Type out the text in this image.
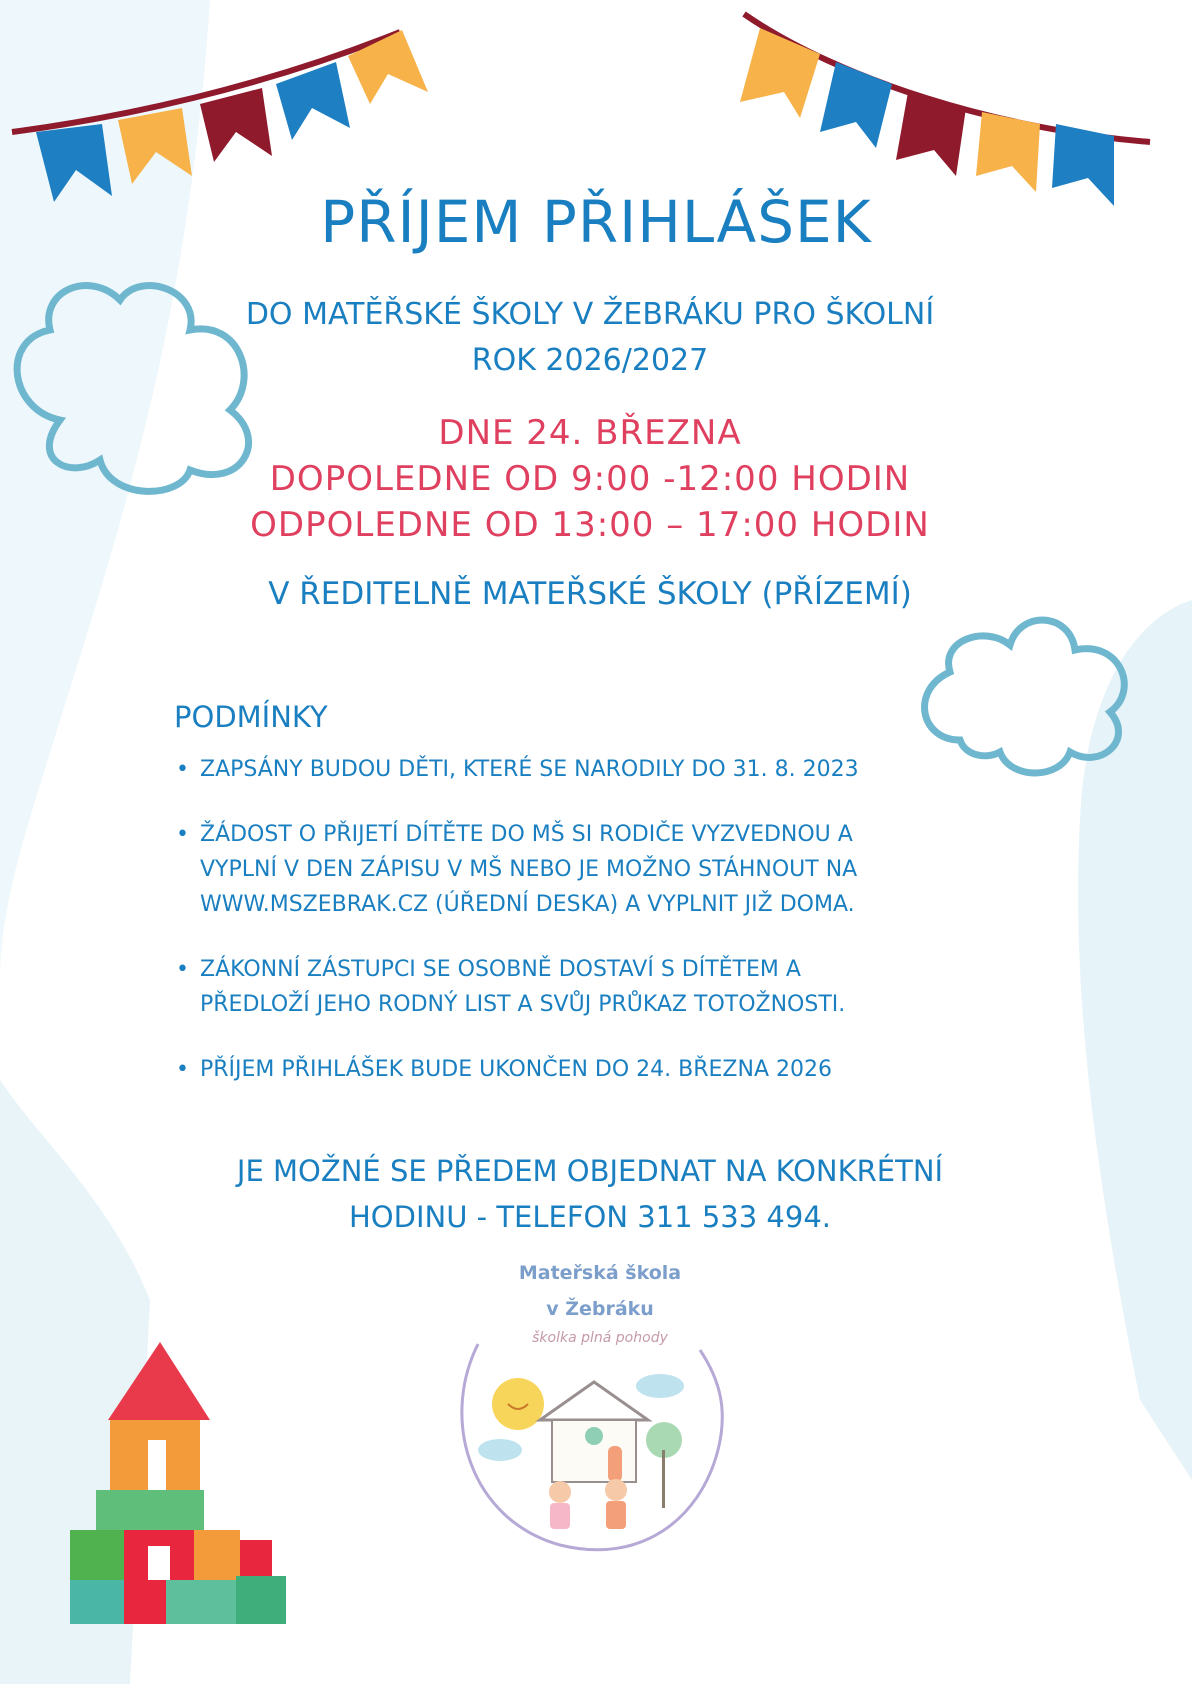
PŘÍJEM PŘIHLÁŠEK
DO MATĚŘSKÉ ŠKOLY V ŽEBRÁKU PRO ŠKOLNÍ
ROK 2026/2027
DNE 24. BŘEZNA
DOPOLEDNE OD 9:00 -12:00 HODIN
ODPOLEDNE OD 13:00 – 17:00 HODIN
V ŘEDITELNĚ MATEŘSKÉ ŠKOLY (PŘÍZEMÍ)
PODMÍNKY
• ZAPSÁNY BUDOU DĚTI, KTERÉ SE NARODILY DO 31. 8. 2023
• ŽÁDOST O PŘIJETÍ DÍTĚTE DO MŠ SI RODIČE VYZVEDNOU A
VYPLNÍ V DEN ZÁPISU V MŠ NEBO JE MOŽNO STÁHNOUT NA
WWW.MSZEBRAK.CZ (ÚŘEDNÍ DESKA) A VYPLNIT JIŽ DOMA.
• ZÁKONNÍ ZÁSTUPCI SE OSOBNĚ DOSTAVÍ S DÍTĚTEM A
PŘEDLOŽÍ JEHO RODNÝ LIST A SVŮJ PRŮKAZ TOTOŽNOSTI.
• PŘÍJEM PŘIHLÁŠEK BUDE UKONČEN DO 24. BŘEZNA 2026
JE MOŽNÉ SE PŘEDEM OBJEDNAT NA KONKRÉTNÍ
HODINU - TELEFON 311 533 494.
Mateřská škola
v Žebráku
školka plná pohody
